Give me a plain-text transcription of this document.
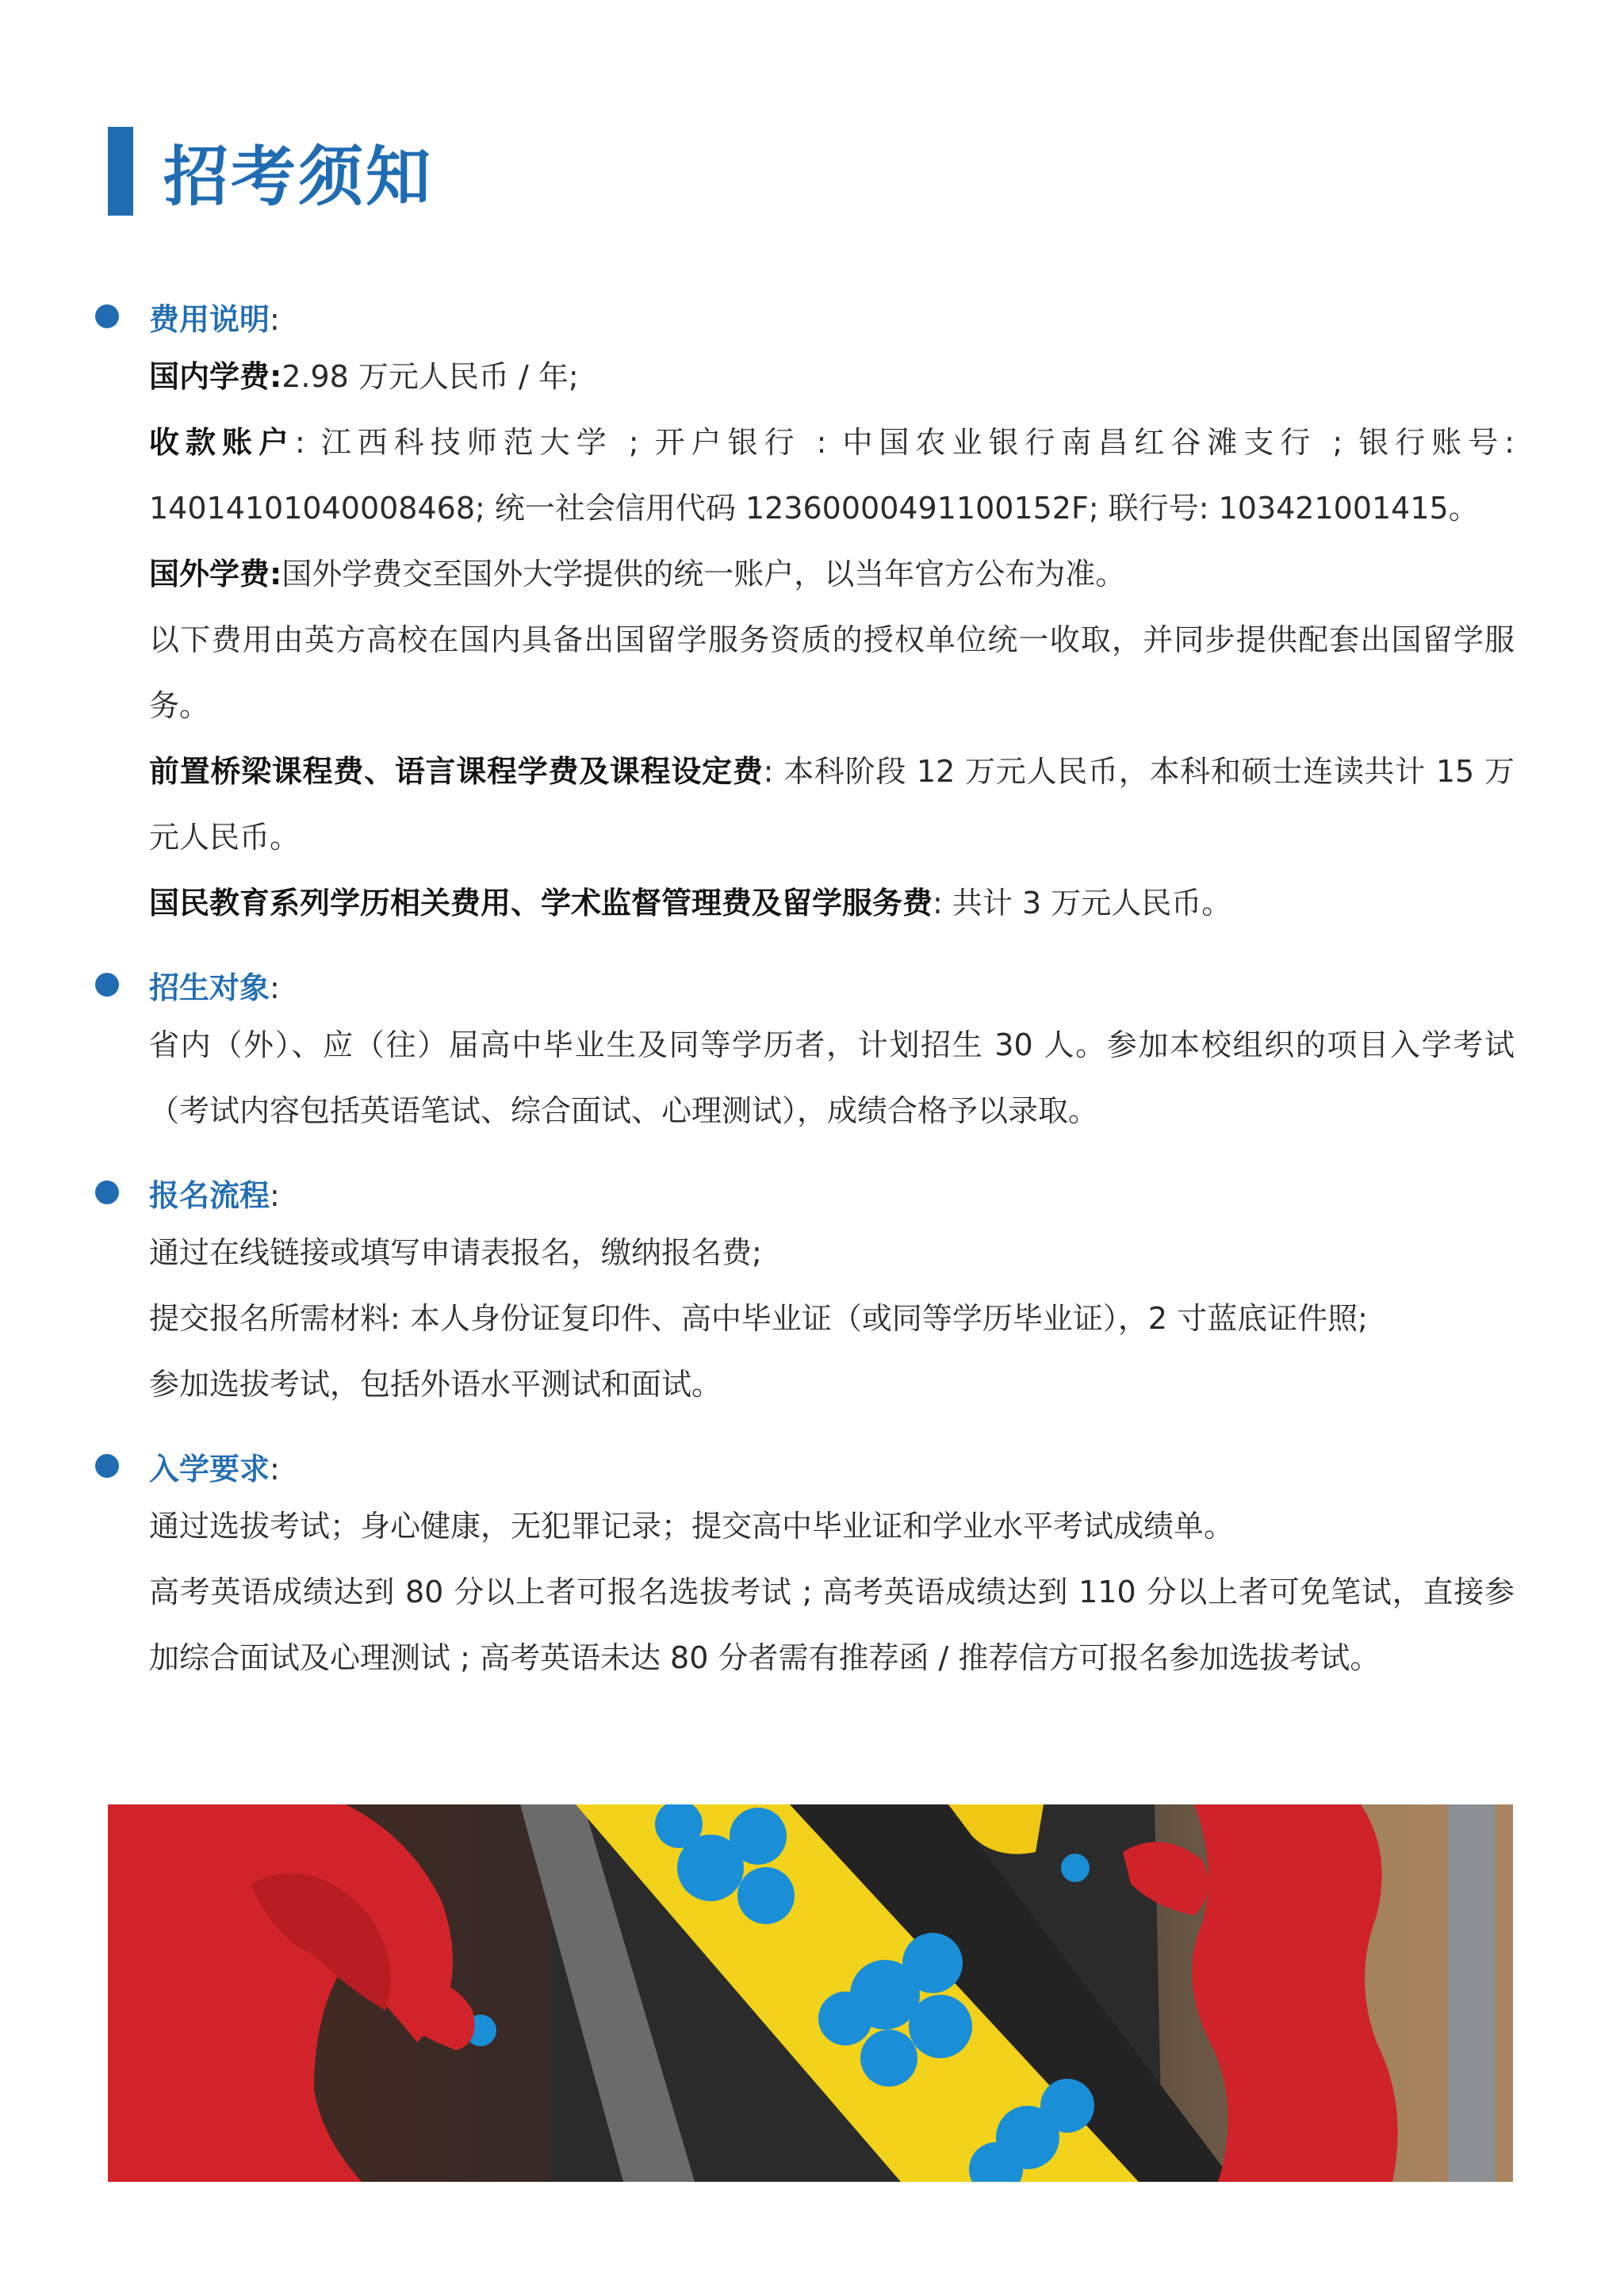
招考须知
费用说明:

国内学费:2.98 万元人民币 / 年;

收款账户: 江西科技师范大学 ; 开户银行 : 中国农业银行南昌红谷滩支行 ; 银行账号: 14014101040008468; 统一社会信用代码 12360000491100152F; 联行号: 103421001415。

国外学费:国外学费交至国外大学提供的统一账户，以当年官方公布为准。

以下费用由英方高校在国内具备出国留学服务资质的授权单位统一收取，并同步提供配套出国留学服务。

前置桥梁课程费、语言课程学费及课程设定费: 本科阶段 12 万元人民币，本科和硕士连读共计 15 万元人民币。

国民教育系列学历相关费用、学术监督管理费及留学服务费: 共计 3 万元人民币。

招生对象:

省内（外）、应（往）届高中毕业生及同等学历者，计划招生 30 人。参加本校组织的项目入学考试（考试内容包括英语笔试、综合面试、心理测试），成绩合格予以录取。

报名流程:

通过在线链接或填写申请表报名，缴纳报名费;

提交报名所需材料: 本人身份证复印件、高中毕业证（或同等学历毕业证），2 寸蓝底证件照;

参加选拔考试，包括外语水平测试和面试。

入学要求:

通过选拔考试；身心健康，无犯罪记录；提交高中毕业证和学业水平考试成绩单。

高考英语成绩达到 80 分以上者可报名选拔考试 ; 高考英语成绩达到 110 分以上者可免笔试，直接参加综合面试及心理测试 ; 高考英语未达 80 分者需有推荐函 / 推荐信方可报名参加选拔考试。
